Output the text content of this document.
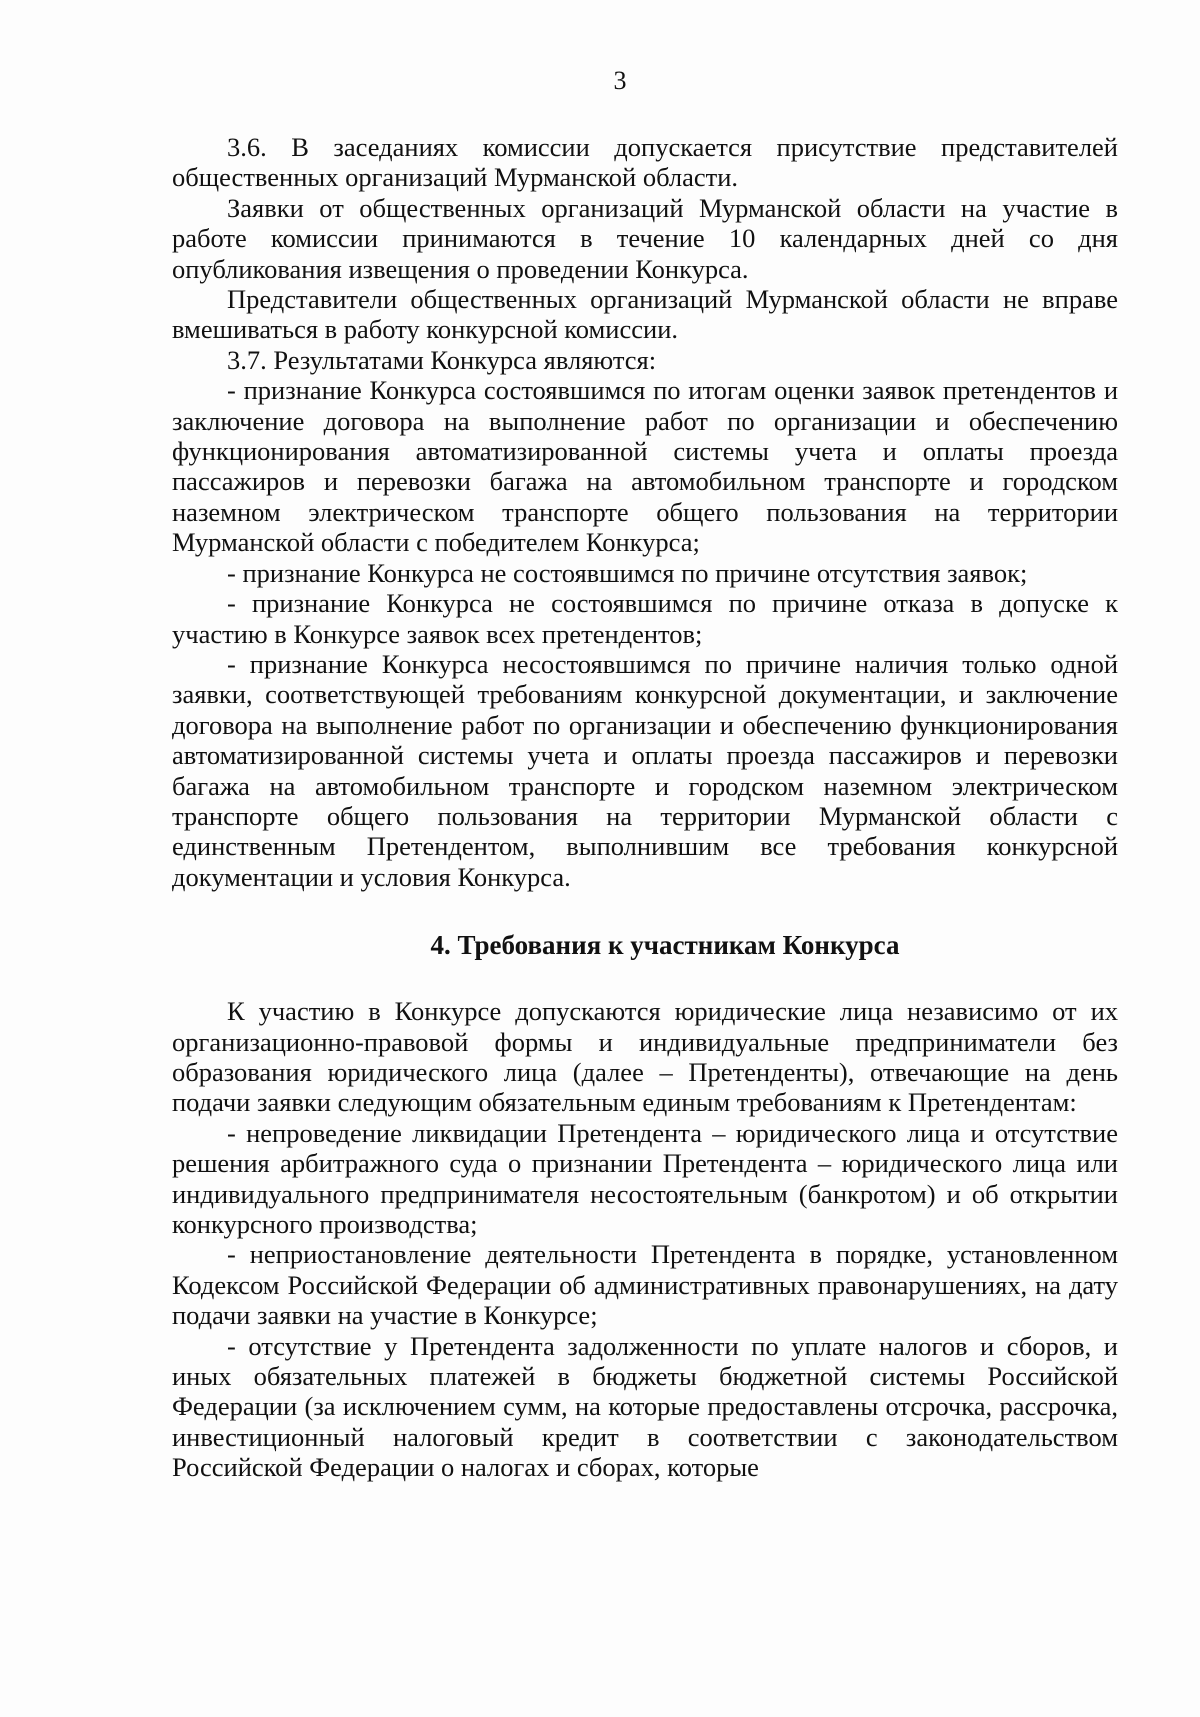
3

3.6. В заседаниях комиссии допускается присутствие представителей общественных организаций Мурманской области.

Заявки от общественных организаций Мурманской области на участие в работе комиссии принимаются в течение 10 календарных дней со дня опубликования извещения о проведении Конкурса.

Представители общественных организаций Мурманской области не вправе вмешиваться в работу конкурсной комиссии.

3.7. Результатами Конкурса являются:

- признание Конкурса состоявшимся по итогам оценки заявок претендентов и заключение договора на выполнение работ по организации и обеспечению функционирования автоматизированной системы учета и оплаты проезда пассажиров и перевозки багажа на автомобильном транспорте и городском наземном электрическом транспорте общего пользования на территории Мурманской области с победителем Конкурса;

- признание Конкурса не состоявшимся по причине отсутствия заявок;

- признание Конкурса не состоявшимся по причине отказа в допуске к участию в Конкурсе заявок всех претендентов;

- признание Конкурса несостоявшимся по причине наличия только одной заявки, соответствующей требованиям конкурсной документации, и заключение договора на выполнение работ по организации и обеспечению функционирования автоматизированной системы учета и оплаты проезда пассажиров и перевозки багажа на автомобильном транспорте и городском наземном электрическом транспорте общего пользования на территории Мурманской области с единственным Претендентом, выполнившим все требования конкурсной документации и условия Конкурса.

4. Требования к участникам Конкурса

К участию в Конкурсе допускаются юридические лица независимо от их организационно-правовой формы и индивидуальные предприниматели без образования юридического лица (далее – Претенденты), отвечающие на день подачи заявки следующим обязательным единым требованиям к Претендентам:

- непроведение ликвидации Претендента – юридического лица и отсутствие решения арбитражного суда о признании Претендента – юридического лица или индивидуального предпринимателя несостоятельным (банкротом) и об открытии конкурсного производства;

- неприостановление деятельности Претендента в порядке, установленном Кодексом Российской Федерации об административных правонарушениях, на дату подачи заявки на участие в Конкурсе;

- отсутствие у Претендента задолженности по уплате налогов и сборов, и иных обязательных платежей в бюджеты бюджетной системы Российской Федерации (за исключением сумм, на которые предоставлены отсрочка, рассрочка, инвестиционный налоговый кредит в соответствии с законодательством Российской Федерации о налогах и сборах, которые
